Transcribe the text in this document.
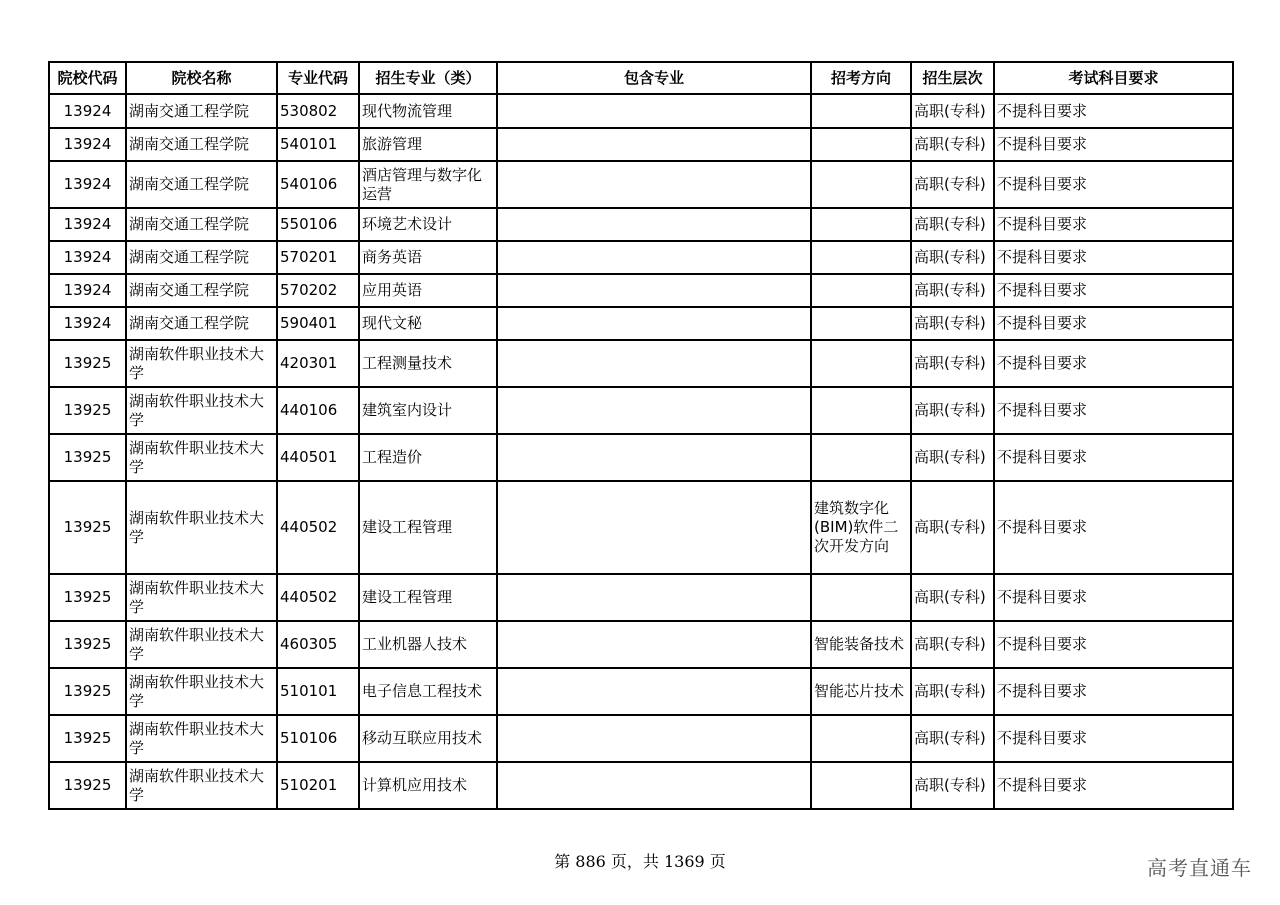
院校代码	院校名称	专业代码	招生专业（类）	包含专业	招考方向	招生层次	考试科目要求
13924	湖南交通工程学院	530802	现代物流管理			高职(专科)	不提科目要求
13924	湖南交通工程学院	540101	旅游管理			高职(专科)	不提科目要求
13924	湖南交通工程学院	540106	酒店管理与数字化运营			高职(专科)	不提科目要求
13924	湖南交通工程学院	550106	环境艺术设计			高职(专科)	不提科目要求
13924	湖南交通工程学院	570201	商务英语			高职(专科)	不提科目要求
13924	湖南交通工程学院	570202	应用英语			高职(专科)	不提科目要求
13924	湖南交通工程学院	590401	现代文秘			高职(专科)	不提科目要求
13925	湖南软件职业技术大学	420301	工程测量技术			高职(专科)	不提科目要求
13925	湖南软件职业技术大学	440106	建筑室内设计			高职(专科)	不提科目要求
13925	湖南软件职业技术大学	440501	工程造价			高职(专科)	不提科目要求
13925	湖南软件职业技术大学	440502	建设工程管理		建筑数字化(BIM)软件二次开发方向	高职(专科)	不提科目要求
13925	湖南软件职业技术大学	440502	建设工程管理			高职(专科)	不提科目要求
13925	湖南软件职业技术大学	460305	工业机器人技术		智能装备技术	高职(专科)	不提科目要求
13925	湖南软件职业技术大学	510101	电子信息工程技术		智能芯片技术	高职(专科)	不提科目要求
13925	湖南软件职业技术大学	510106	移动互联应用技术			高职(专科)	不提科目要求
13925	湖南软件职业技术大学	510201	计算机应用技术			高职(专科)	不提科目要求
第 886 页，共 1369 页	高考直通车
